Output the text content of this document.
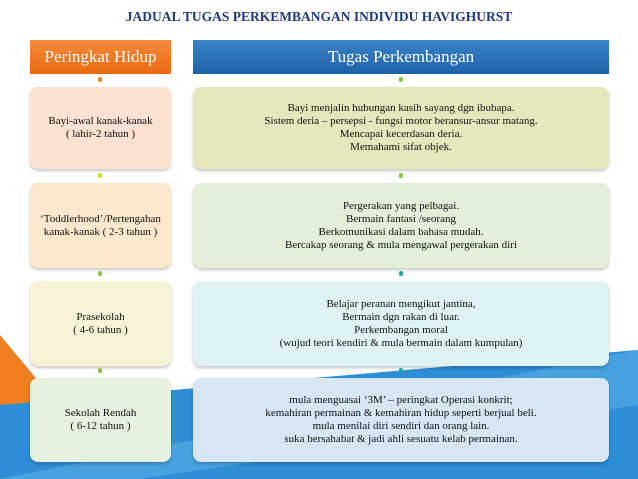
JADUAL TUGAS PERKEMBANGAN INDIVIDU HAVIGHURST
Peringkat Hidup	Tugas Perkembangan
Bayi-awal kanak-kanak
( lahir-2 tahun )
Bayi menjalin hubungan kasih sayang dgn ibubapa.
Sistem deria – persepsi - fungsi motor beransur-ansur matang.
Mencapai kecerdasan deria.
Memahami sifat objek.
‘Toddlerhood’/Pertengahan
kanak-kanak ( 2-3 tahun )
Pergerakan yang pelbagai.
Bermain fantasi /seorang
Berkomunikasi dalam bahasa mudah.
Bercakap seorang & mula mengawal pergerakan diri
Prasekolah
( 4-6 tahun )
Belajar peranan mengikut jantina,
Bermain dgn rakan di luar.
Perkembangan moral
(wujud teori kendiri & mula bermain dalam kumpulan)
Sekolah Rendah
( 6-12 tahun )
mula menguasai ‘3M’ – peringkat Operasi konkrit;
kemahiran permainan & kemahiran hidup seperti berjual beli.
mula menilai diri sendiri dan orang lain.
suka bersahabat & jadi ahli sesuatu kelab permainan.
